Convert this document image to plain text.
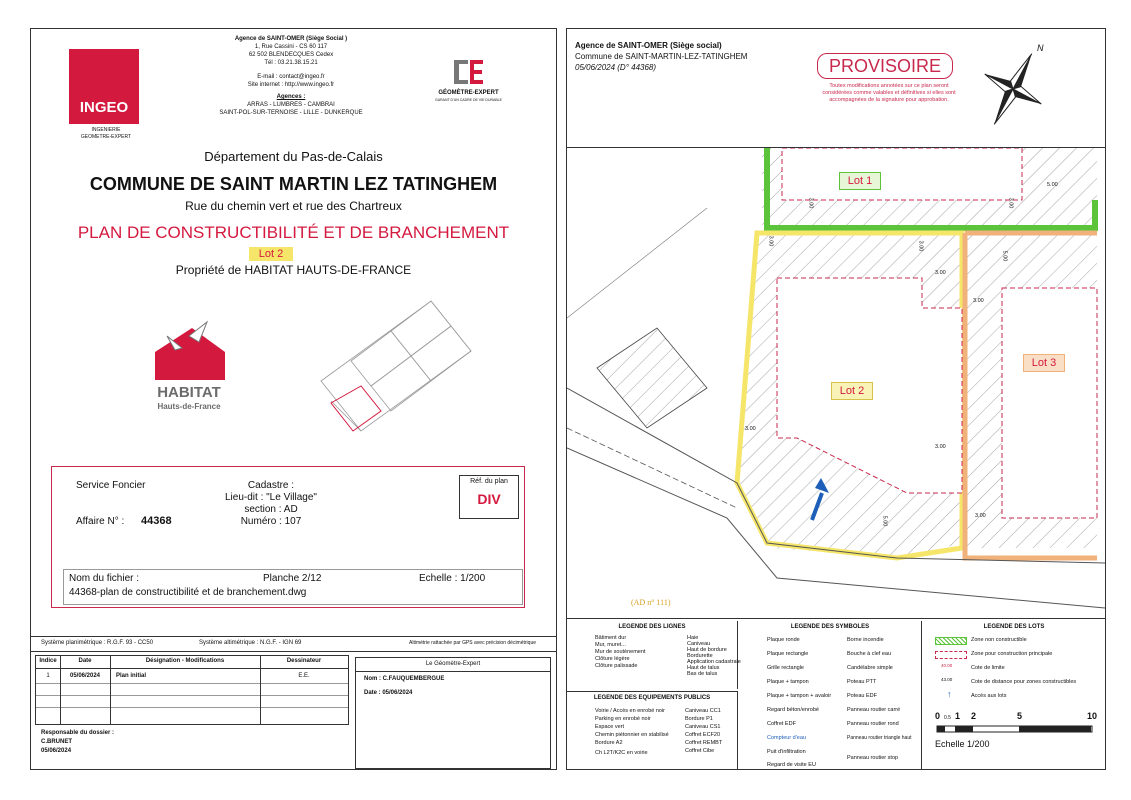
INGEO
INGENIERIE
GEOMETRE-EXPERT
Agence de SAINT-OMER (Siège Social )
1, Rue Cassini - CS 60 117
62 502 BLENDECQUES Cedex
Tél : 03.21.38.15.21
E-mail : contact@ingeo.fr
Site internet : http://www.ingeo.fr
Agences :
ARRAS - LUMBRES - CAMBRAI
SAINT-POL-SUR-TERNOISE - LILLE - DUNKERQUE
GÉOMÈTRE-EXPERT
GARANT D'UN CADRE DE VIE DURABLE
Département du Pas-de-Calais
COMMUNE DE SAINT MARTIN LEZ TATINGHEM
Rue du chemin vert et rue des Chartreux
PLAN DE CONSTRUCTIBILITÉ ET DE BRANCHEMENT
Lot 2
Propriété de HABITAT HAUTS-DE-FRANCE
HABITAT
Hauts-de-France
Service Foncier
Affaire N° : 44368
Cadastre :
Lieu-dit : "Le Village"
section : AD
Numéro : 107
Réf. du plan
DIV
Nom du fichier :
44368-plan de constructibilité et de branchement.dwg
Planche 2/12	Echelle : 1/200
Système planimétrique : R.G.F. 93 - CC50	Système altimétrique : N.G.F. - IGN 69	Altimétrie rattachée par GPS avec précision décimétrique
Indice	Date	Désignation - Modifications	Dessinateur
1	05/06/2024	Plan initial	E.E.
Responsable du dossier :
C.BRUNET
05/06/2024
Le Géomètre-Expert
Nom : C.FAUQUEMBERGUE
Date : 05/06/2024
Agence de SAINT-OMER (Siège social)
Commune de SAINT-MARTIN-LEZ-TATINGHEM
05/06/2024 (D° 44368)	PROVISOIRE
Toutes modifications annotées sur ce plan seront considérées comme valables et définitives si elles sont accompagnées de la signature pour approbation.
N
Lot 1
Lot 2
Lot 3
(AD n° 111)
5.00
3.00	3.00
3.00	3.00
3.00
5.00
3.00
3.00
3.00
5.00	3.00
LEGENDE DES LIGNES
Bâtiment dur
Mur, muret...
Mur de soutènement
Clôture légère
Clôture palissade
Haie
Caniveau
Haut de bordure
Bordurette
Application cadastrale
Haut de talus
Bas de talus
LEGENDE DES EQUIPEMENTS PUBLICS
Voirie / Accès en enrobé noir
Parking en enrobé noir
Espace vert
Chemin piétonnier en stabilisé
Bordure A2
Ch L2T/K2C en voirie
Caniveau CC1
Bordure P1
Caniveau CS1
Coffret ECF20
Coffret REMBT
Coffret Cibe
LEGENDE DES SYMBOLES
Plaque ronde
Plaque rectangle
Grille rectangle
Plaque + tampon
Plaque + tampon + avaloir
Regard béton/enrobé
Coffret EDF
Compteur d'eau
Puit d'infiltration
Regard de visite EU
Borne incendie
Bouche à clef eau
Candélabre simple
Poteau PTT
Poteau EDF
Panneau routier carré
Panneau routier rond
Panneau routier triangle haut
Panneau routier stop
LEGENDE DES LOTS
Zone non constructible
Zone pour construction principale
40.00	Cote de limite
43.00	Cote de distance pour zones constructibles
↑	Accès aux lots
0 0.5 1 2	5	10
Echelle 1/200
